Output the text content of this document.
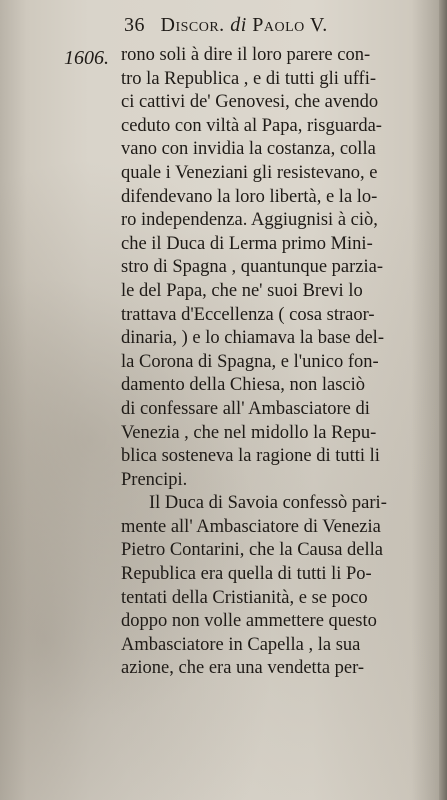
36 Discor. di Paolo V.
1606. rono soli à dire il loro parere con-
tro la Republica , e di tutti gli uffi-
ci cattivi de' Genovesi, che avendo
ceduto con viltà al Papa, risguarda-
vano con invidia la costanza, colla
quale i Veneziani gli resistevano, e
difendevano la loro libertà, e la lo-
ro independenza. Aggiugnisi à ciò,
che il Duca di Lerma primo Mini-
stro di Spagna , quantunque parzia-
le del Papa, che ne' suoi Brevi lo
trattava d'Eccellenza ( cosa straor-
dinaria, ) e lo chiamava la base del-
la Corona di Spagna, e l'unico fon-
damento della Chiesa, non lasciò
di confessare all' Ambasciatore di
Venezia , che nel midollo la Repu-
blica sosteneva la ragione di tutti li
Prencipi.
Il Duca di Savoia confessò pari-
mente all' Ambasciatore di Venezia
Pietro Contarini, che la Causa della
Republica era quella di tutti li Po-
tentati della Cristianità, e se poco
doppo non volle ammettere questo
Ambasciatore in Capella , la sua
azione, che era una vendetta per-
